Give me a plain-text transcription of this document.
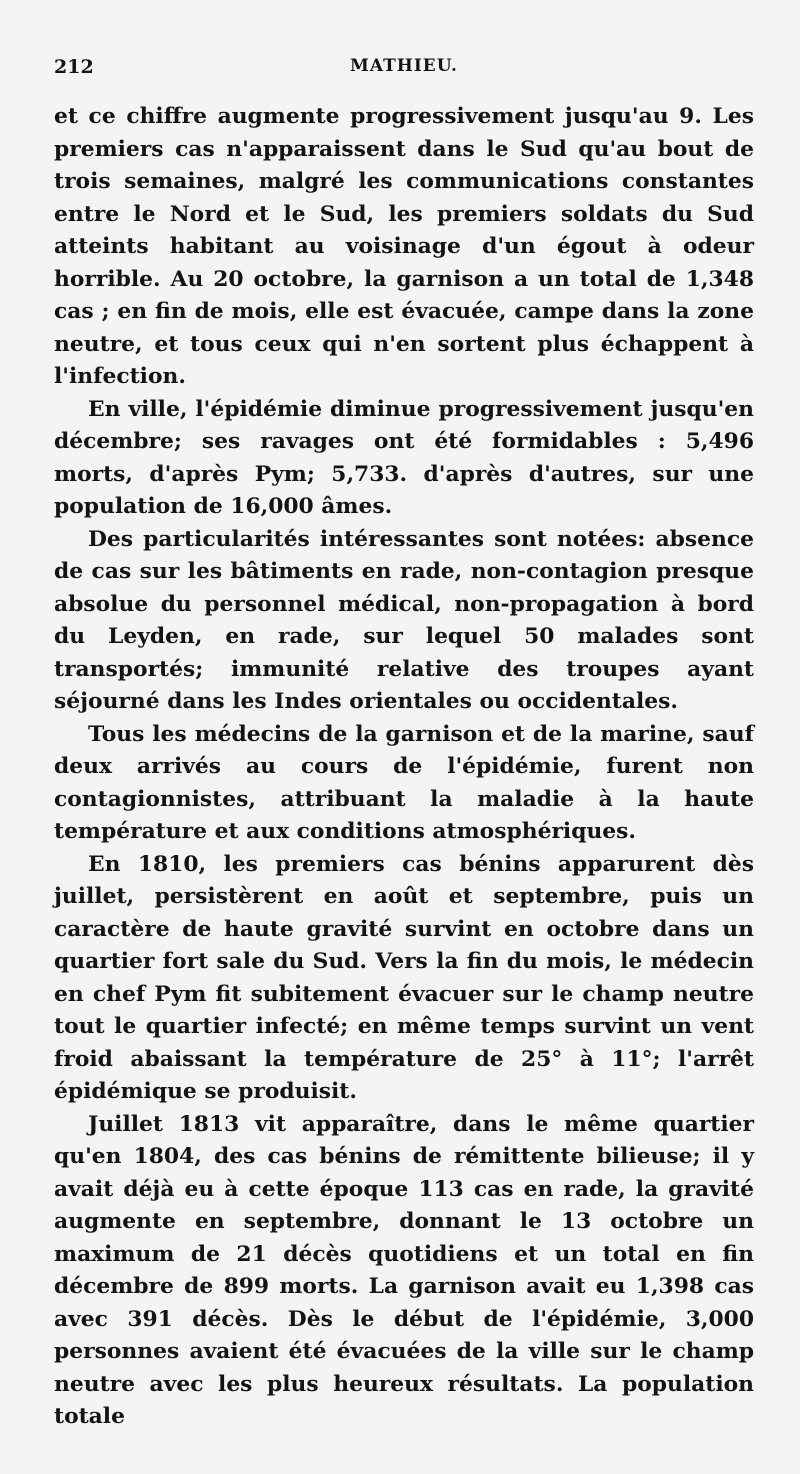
212	MATHIEU.

et ce chiffre augmente progressivement jusqu'au 9. Les premiers cas n'apparaissent dans le Sud qu'au bout de trois semaines, malgré les communications constantes entre le Nord et le Sud, les premiers soldats du Sud atteints habitant au voisinage d'un égout à odeur horrible. Au 20 octobre, la garnison a un total de 1,348 cas ; en fin de mois, elle est évacuée, campe dans la zone neutre, et tous ceux qui n'en sortent plus échappent à l'infection.

En ville, l'épidémie diminue progressivement jusqu'en décembre; ses ravages ont été formidables : 5,496 morts, d'après Pym; 5,733. d'après d'autres, sur une population de 16,000 âmes.

Des particularités intéressantes sont notées: absence de cas sur les bâtiments en rade, non-contagion presque absolue du personnel médical, non-propagation à bord du Leyden, en rade, sur lequel 50 malades sont transportés; immunité relative des troupes ayant séjourné dans les Indes orientales ou occidentales.

Tous les médecins de la garnison et de la marine, sauf deux arrivés au cours de l'épidémie, furent non contagionnistes, attribuant la maladie à la haute température et aux conditions atmosphériques.

En 1810, les premiers cas bénins apparurent dès juillet, persistèrent en août et septembre, puis un caractère de haute gravité survint en octobre dans un quartier fort sale du Sud. Vers la fin du mois, le médecin en chef Pym fit subitement évacuer sur le champ neutre tout le quartier infecté; en même temps survint un vent froid abaissant la température de 25° à 11°; l'arrêt épidémique se produisit.

Juillet 1813 vit apparaître, dans le même quartier qu'en 1804, des cas bénins de rémittente bilieuse; il y avait déjà eu à cette époque 113 cas en rade, la gravité augmente en septembre, donnant le 13 octobre un maximum de 21 décès quotidiens et un total en fin décembre de 899 morts. La garnison avait eu 1,398 cas avec 391 décès. Dès le début de l'épidémie, 3,000 personnes avaient été évacuées de la ville sur le champ neutre avec les plus heureux résultats. La population totale
